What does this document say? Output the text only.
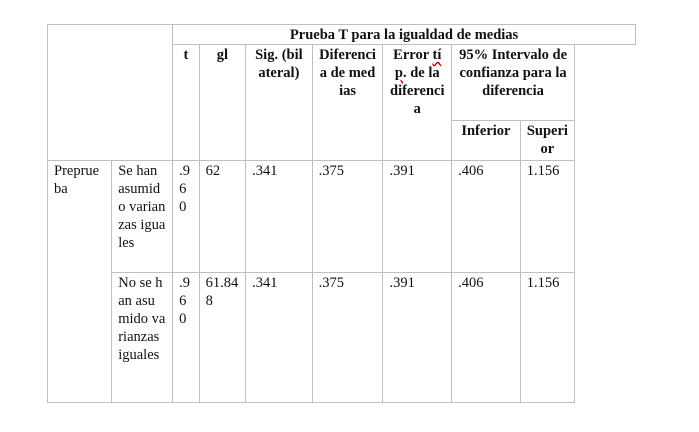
		Prueba T para la igualdad de medias						
		t	gl	Sig. (bilateral)	Diferencia de medias	Error típ. de la diferencia	95% Intervalo de confianza para la diferencia	
							Inferior	Superior
Prepruebа	Se han asumido varianzas iguales	.960	62	.341	.375	.391	.406	1.156
	No se han asumido varianzas iguales	.960	61.848	.341	.375	.391	.406	1.156
